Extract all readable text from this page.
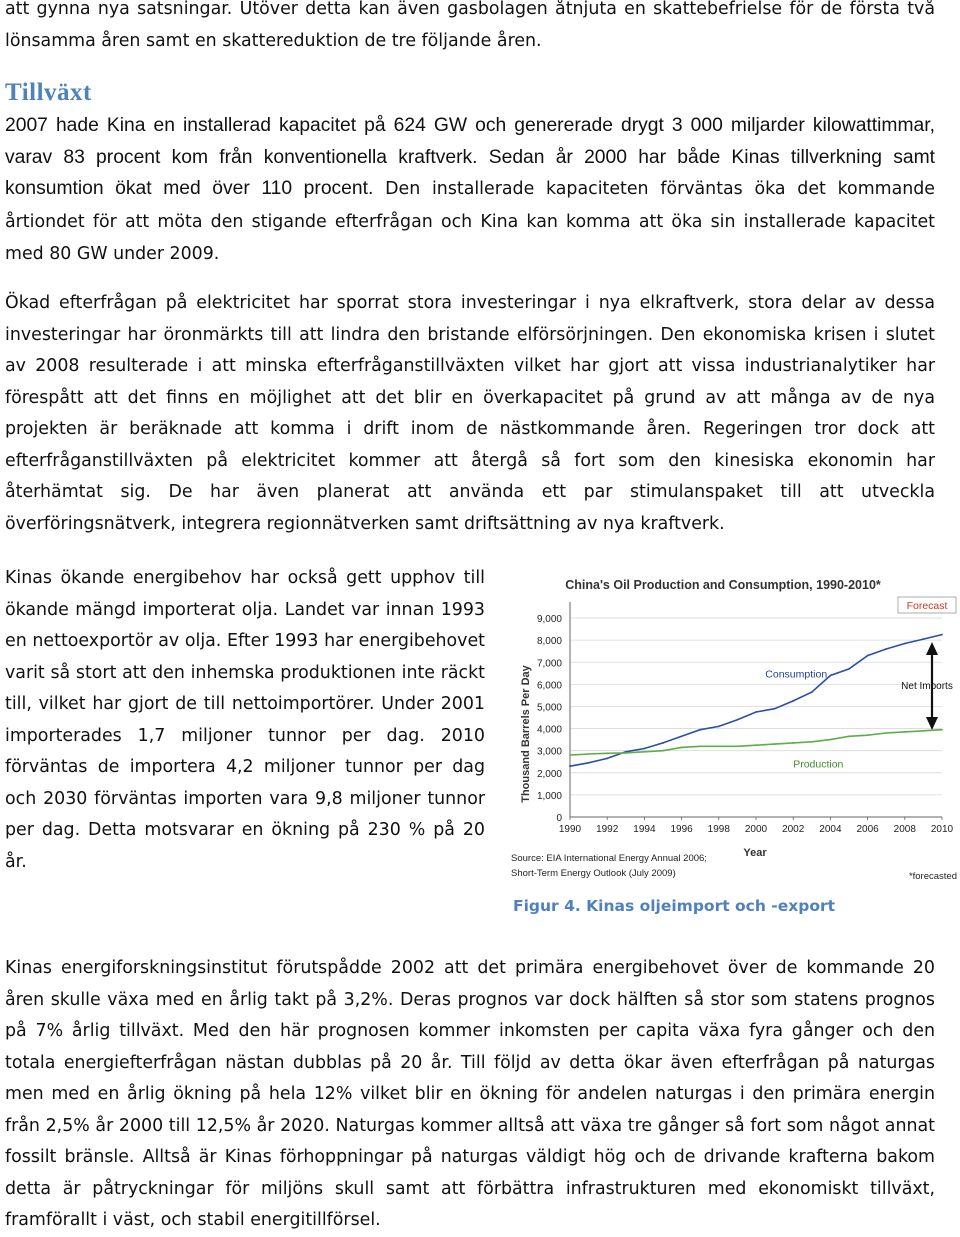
att gynna nya satsningar. Utöver detta kan även gasbolagen åtnjuta en skattebefrielse för de första två lönsamma åren samt en skattereduktion de tre följande åren.

Tillväxt

2007 hade Kina en installerad kapacitet på 624 GW och genererade drygt 3 000 miljarder kilowattimmar, varav 83 procent kom från konventionella kraftverk. Sedan år 2000 har både Kinas tillverkning samt konsumtion ökat med över 110 procent. Den installerade kapaciteten förväntas öka det kommande årtiondet för att möta den stigande efterfrågan och Kina kan komma att öka sin installerade kapacitet med 80 GW under 2009.

Ökad efterfrågan på elektricitet har sporrat stora investeringar i nya elkraftverk, stora delar av dessa investeringar har öronmärkts till att lindra den bristande elförsörjningen. Den ekonomiska krisen i slutet av 2008 resulterade i att minska efterfråganstillväxten vilket har gjort att vissa industrianalytiker har förespått att det finns en möjlighet att det blir en överkapacitet på grund av att många av de nya projekten är beräknade att komma i drift inom de nästkommande åren. Regeringen tror dock att efterfråganstillväxten på elektricitet kommer att återgå så fort som den kinesiska ekonomin har återhämtat sig. De har även planerat att använda ett par stimulanspaket till att utveckla överföringsnätverk, integrera regionnätverken samt driftsättning av nya kraftverk.

Kinas ökande energibehov har också gett upphov till ökande mängd importerat olja. Landet var innan 1993 en nettoexportör av olja. Efter 1993 har energibehovet varit så stort att den inhemska produktionen inte räckt till, vilket har gjort de till nettoimportörer. Under 2001 importerades 1,7 miljoner tunnor per dag. 2010 förväntas de importera 4,2 miljoner tunnor per dag och 2030 förväntas importen vara 9,8 miljoner tunnor per dag. Detta motsvarar en ökning på 230 % på 20 år.

China's Oil Production and Consumption, 1990-2010*
0
1,000
2,000
3,000
4,000
5,000
6,000
7,000
8,000
9,000
1990 1992 1994 1996 1998 2000 2002 2004 2006 2008 2010
Thousand Barrels Per Day
Year
Consumption
Production
Forecast
Net Imports
Source: EIA International Energy Annual 2006;
Short-Term Energy Outlook (July 2009)	*forecasted

Figur 4. Kinas oljeimport och -export

Kinas energiforskningsinstitut förutspådde 2002 att det primära energibehovet över de kommande 20 åren skulle växa med en årlig takt på 3,2%. Deras prognos var dock hälften så stor som statens prognos på 7% årlig tillväxt. Med den här prognosen kommer inkomsten per capita växa fyra gånger och den totala energiefterfrågan nästan dubblas på 20 år. Till följd av detta ökar även efterfrågan på naturgas men med en årlig ökning på hela 12% vilket blir en ökning för andelen naturgas i den primära energin från 2,5% år 2000 till 12,5% år 2020. Naturgas kommer alltså att växa tre gånger så fort som något annat fossilt bränsle. Alltså är Kinas förhoppningar på naturgas väldigt hög och de drivande krafterna bakom detta är påtryckningar för miljöns skull samt att förbättra infrastrukturen med ekonomiskt tillväxt, framförallt i väst, och stabil energitillförsel.
